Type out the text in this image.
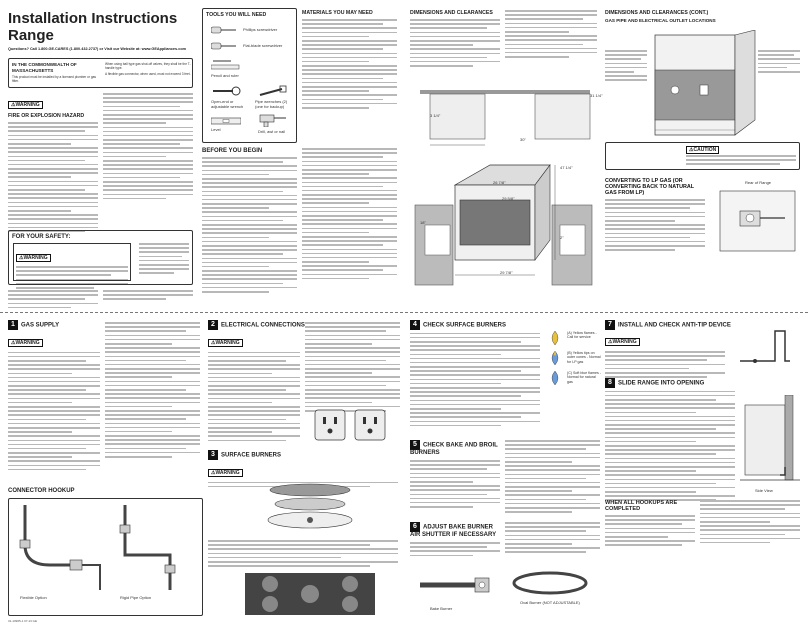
Installation Instructions
Range
Questions? Call 1.800.GE.CARES (1.800.432.2737) or Visit our Website at: www.GEAppliances.com
IN THE COMMONWEALTH OF MASSACHUSETTS
This product must be installed by a licensed plumber or gas fitter.
When using ball type gas shut-off valves, they shall be the T-handle type.
A flexible gas connector, when used, must not exceed 3 feet.
⚠ WARNING
FIRE OR EXPLOSION HAZARD
FOR YOUR SAFETY:
⚠ WARNING
TOOLS YOU WILL NEED
Phillips screwdriver
Flat-blade screwdriver
Pencil and ruler
Open-end or adjustable wrench
Pipe wrenches (2) (one for backup)
Level	Drill, awl or nail
MATERIALS YOU MAY NEED
BEFORE YOU BEGIN
DIMENSIONS AND CLEARANCES
31 1/4"
3 1/4"
26 7/8"
29 5/8"
47 1/4"
29 7/8"
30"
18"
2"
DIMENSIONS AND CLEARANCES (CONT.)
GAS PIPE AND ELECTRICAL OUTLET LOCATIONS
⚠ CAUTION
CONVERTING TO LP GAS (OR CONVERTING BACK TO NATURAL GAS FROM LP)
Rear of Range
1 GAS SUPPLY
⚠ WARNING
CONNECTOR HOOKUP
Flexible Option	Rigid Pipe Option
31-10965-1 07-13 GE
2 ELECTRICAL CONNECTIONS
⚠ WARNING
3 SURFACE BURNERS
⚠ WARNING
4 CHECK SURFACE BURNERS
(A) Yellow flames - Call for service
(B) Yellow tips on outer cones - Normal for LP gas
(C) Soft blue flames - Normal for natural gas
5 CHECK BAKE AND BROIL BURNERS
6 ADJUST BAKE BURNER AIR SHUTTER IF NECESSARY
Bake Burner
Oval Burner (NOT ADJUSTABLE)
7 INSTALL AND CHECK ANTI-TIP DEVICE
⚠ WARNING
8 SLIDE RANGE INTO OPENING
Side View
WHEN ALL HOOKUPS ARE COMPLETED
